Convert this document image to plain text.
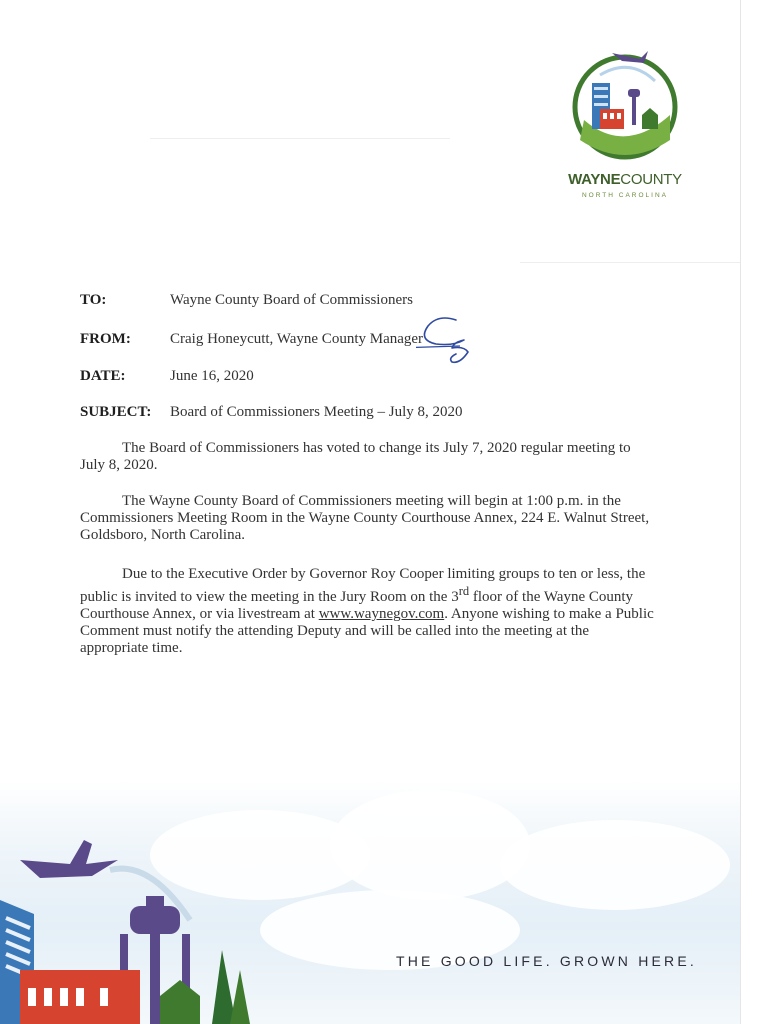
WAYNECOUNTY
NORTH CAROLINA
TO:	Wayne County Board of Commissioners
FROM:	Craig Honeycutt, Wayne County Manager
DATE:	June 16, 2020
SUBJECT: Board of Commissioners Meeting – July 8, 2020
The Board of Commissioners has voted to change its July 7, 2020 regular meeting to July 8, 2020.
The Wayne County Board of Commissioners meeting will begin at 1:00 p.m. in the Commissioners Meeting Room in the Wayne County Courthouse Annex, 224 E. Walnut Street, Goldsboro, North Carolina.
Due to the Executive Order by Governor Roy Cooper limiting groups to ten or less, the public is invited to view the meeting in the Jury Room on the 3rd floor of the Wayne County Courthouse Annex, or via livestream at www.waynegov.com. Anyone wishing to make a Public Comment must notify the attending Deputy and will be called into the meeting at the appropriate time.
THE GOOD LIFE. GROWN HERE.
